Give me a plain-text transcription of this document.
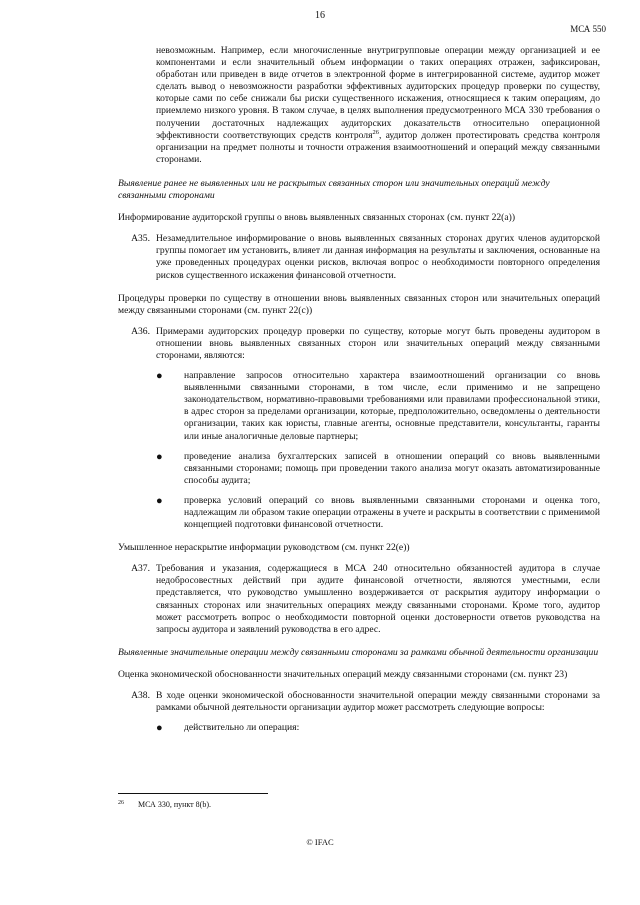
16
МСА 550

невозможным. Например, если многочисленные внутригрупповые операции между организацией и ее компонентами и если значительный объем информации о таких операциях отражен, зафиксирован, обработан или приведен в виде отчетов в электронной форме в интегрированной системе, аудитор может сделать вывод о невозможности разработки эффективных аудиторских процедур проверки по существу, которые сами по себе снижали бы риски существенного искажения, относящиеся к таким операциям, до приемлемо низкого уровня. В таком случае, в целях выполнения предусмотренного МСА 330 требования о получении достаточных надлежащих аудиторских доказательств относительно операционной эффективности соответствующих средств контроля$^{26}$, аудитор должен протестировать средства контроля организации на предмет полноты и точности отражения взаимоотношений и операций между связанными сторонами.

Выявление ранее не выявленных или не раскрытых связанных сторон или значительных операций между связанными сторонами

Информирование аудиторской группы о вновь выявленных связанных сторонах (см. пункт 22(a))

A35. Незамедлительное информирование о вновь выявленных связанных сторонах других членов аудиторской группы помогает им установить, влияет ли данная информация на результаты и заключения, основанные на уже проведенных процедурах оценки рисков, включая вопрос о необходимости повторного определения рисков существенного искажения финансовой отчетности.

Процедуры проверки по существу в отношении вновь выявленных связанных сторон или значительных операций между связанными сторонами (см. пункт 22(c))

A36. Примерами аудиторских процедур проверки по существу, которые могут быть проведены аудитором в отношении вновь выявленных связанных сторон или значительных операций между связанными сторонами, являются:
●	направление запросов относительно характера взаимоотношений организации со вновь выявленными связанными сторонами, в том числе, если применимо и не запрещено законодательством, нормативно-правовыми требованиями или правилами профессиональной этики, в адрес сторон за пределами организации, которые, предположительно, осведомлены о деятельности организации, таких как юристы, главные агенты, основные представители, консультанты, гаранты или иные аналогичные деловые партнеры;
●	проведение анализа бухгалтерских записей в отношении операций со вновь выявленными связанными сторонами; помощь при проведении такого анализа могут оказать автоматизированные способы аудита;
●	проверка условий операций со вновь выявленными связанными сторонами и оценка того, надлежащим ли образом такие операции отражены в учете и раскрыты в соответствии с применимой концепцией подготовки финансовой отчетности.

Умышленное нераскрытие информации руководством (см. пункт 22(e))

A37. Требования и указания, содержащиеся в МСА 240 относительно обязанностей аудитора в случае недобросовестных действий при аудите финансовой отчетности, являются уместными, если представляется, что руководство умышленно воздерживается от раскрытия аудитору информации о связанных сторонах или значительных операциях между связанными сторонами. Кроме того, аудитор может рассмотреть вопрос о необходимости повторной оценки достоверности ответов руководства на запросы аудитора и заявлений руководства в его адрес.

Выявленные значительные операции между связанными сторонами за рамками обычной деятельности организации

Оценка экономической обоснованности значительных операций между связанными сторонами (см. пункт 23)

A38. В ходе оценки экономической обоснованности значительной операции между связанными сторонами за рамками обычной деятельности организации аудитор может рассмотреть следующие вопросы:
●	действительно ли операция:
26	МСА 330, пункт 8(b).
© IFAC
